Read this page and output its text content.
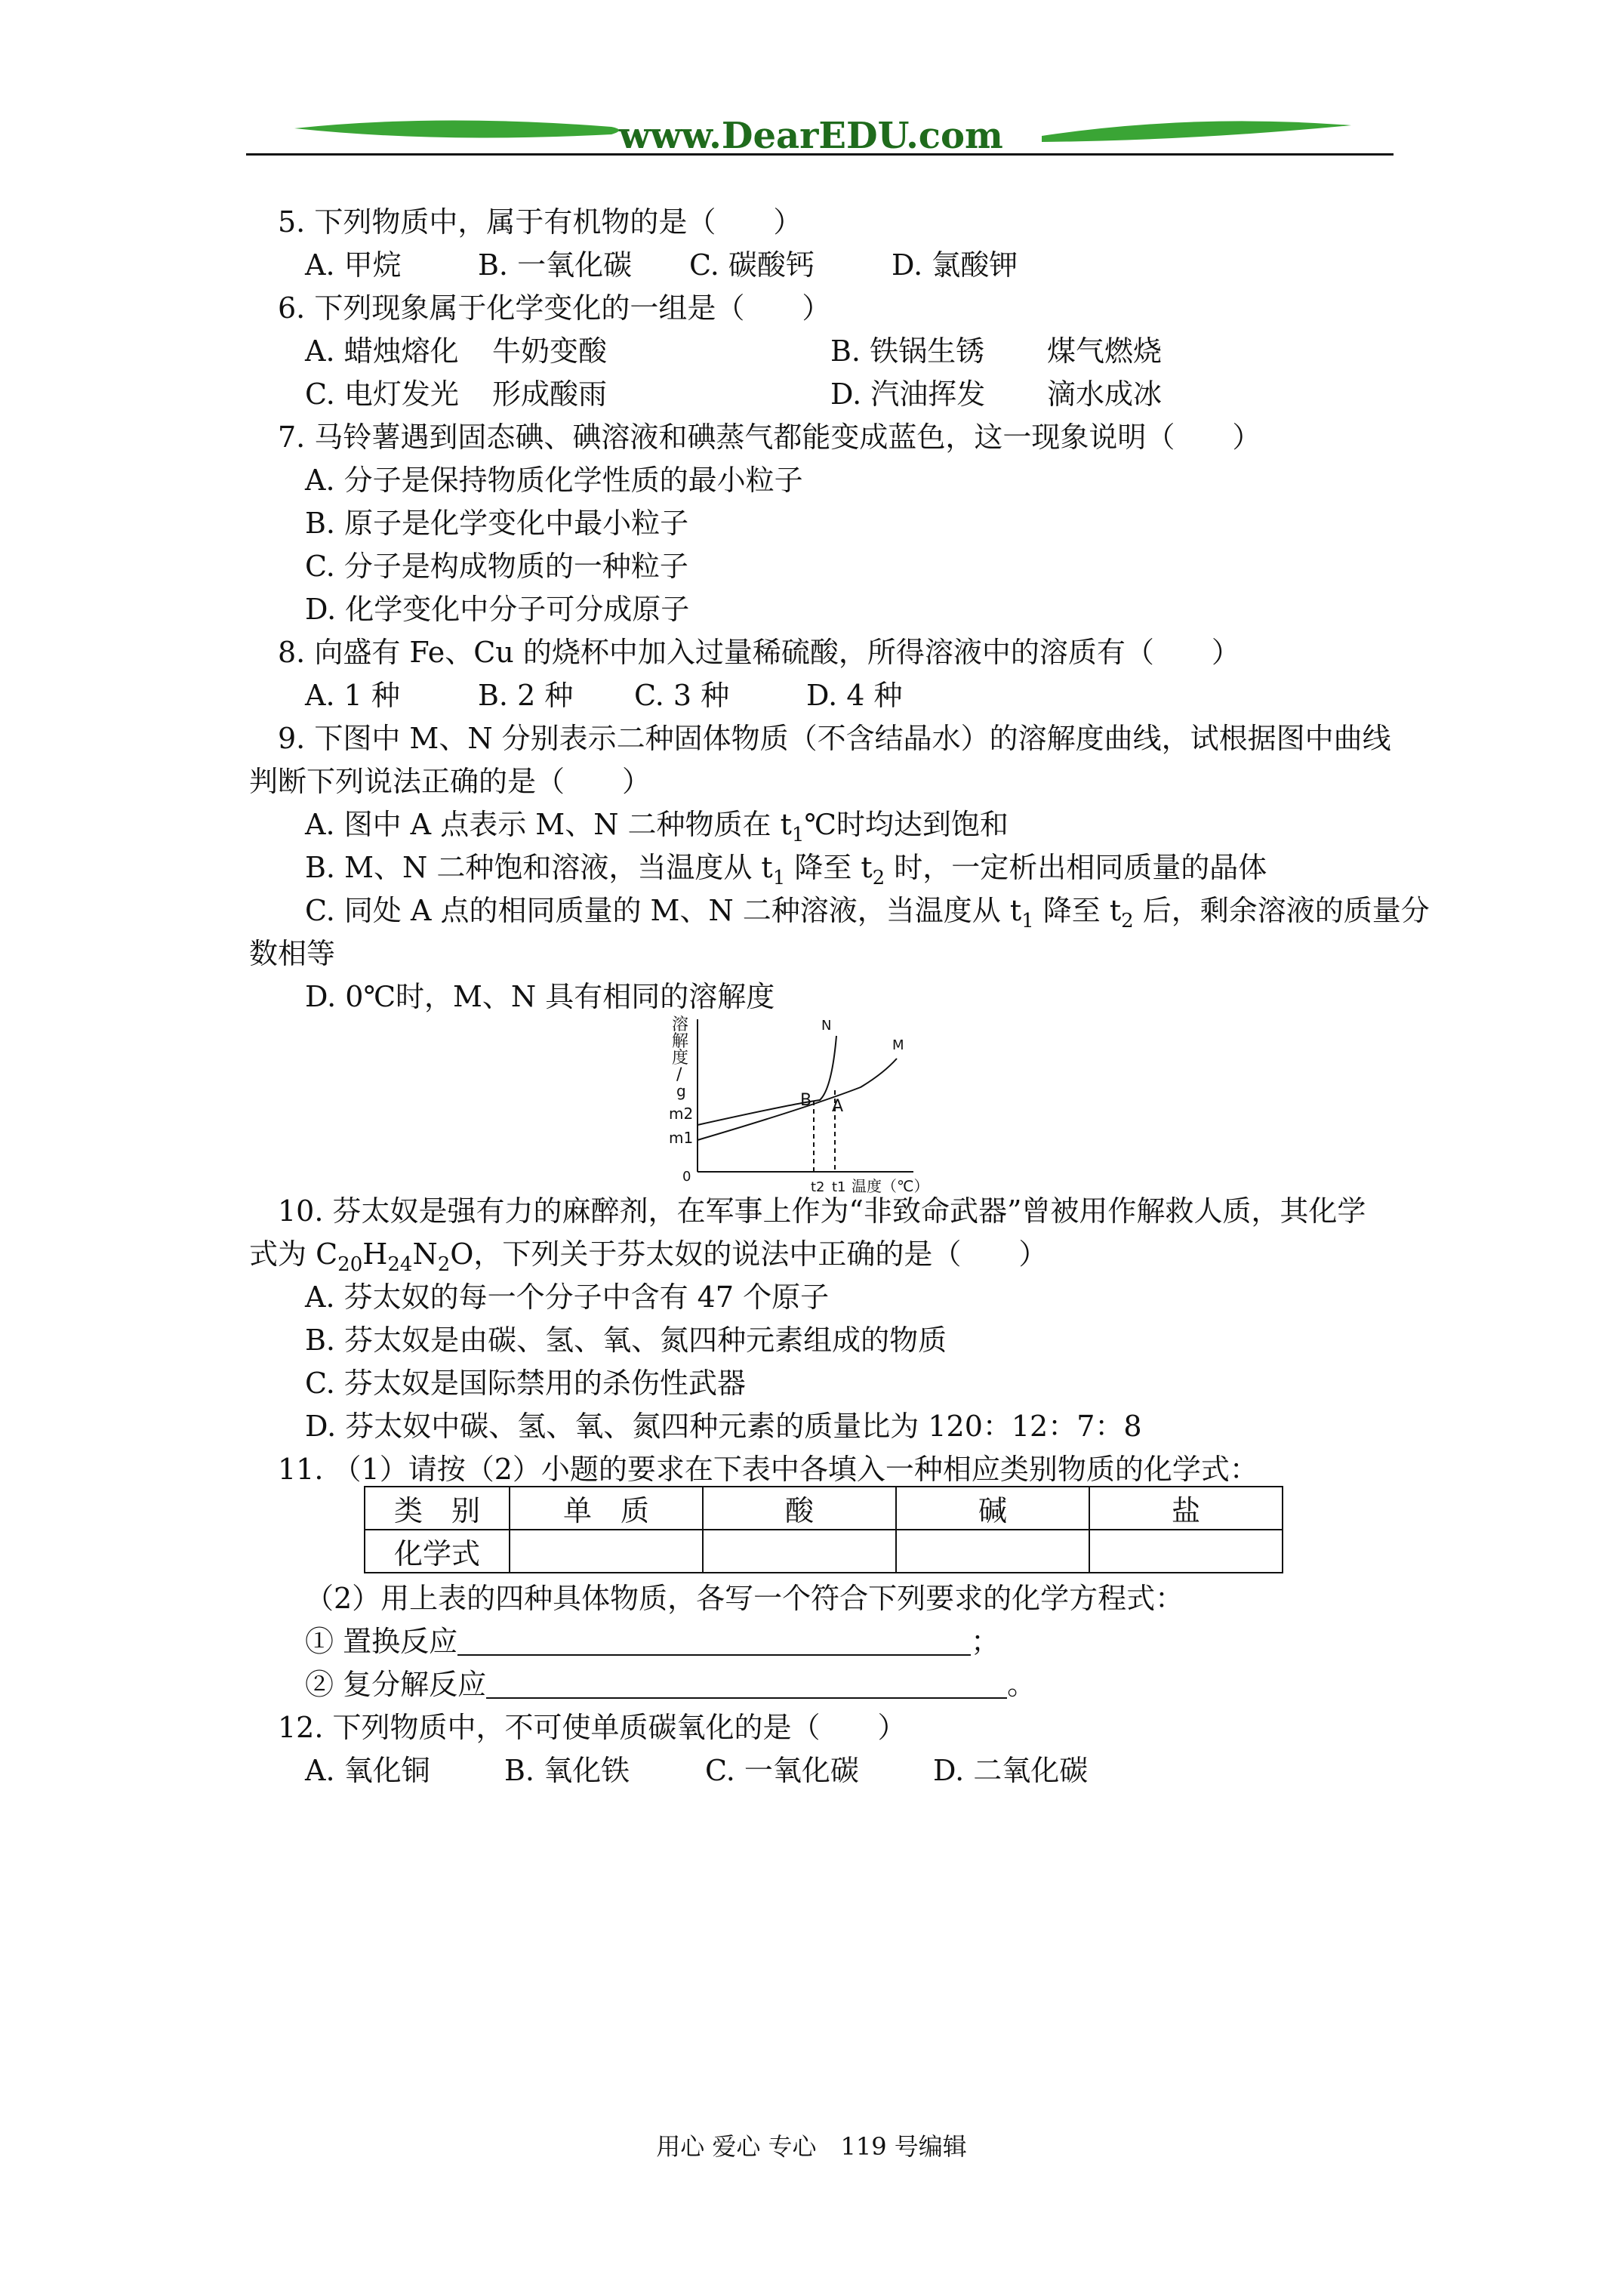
www.DearEDU.com
5. 下列物质中，属于有机物的是（　　）
A. 甲烷	B. 一氧化碳 C. 碳酸钙	D. 氯酸钾
6. 下列现象属于化学变化的一组是（　　）
A. 蜡烛熔化 牛奶变酸	B. 铁锅生锈 煤气燃烧
C. 电灯发光 形成酸雨	D. 汽油挥发 滴水成冰
7. 马铃薯遇到固态碘、碘溶液和碘蒸气都能变成蓝色，这一现象说明（　　）
A. 分子是保持物质化学性质的最小粒子
B. 原子是化学变化中最小粒子
C. 分子是构成物质的一种粒子
D. 化学变化中分子可分成原子
8. 向盛有 Fe、Cu 的烧杯中加入过量稀硫酸，所得溶液中的溶质有（　　）
A. 1 种	B. 2 种 C. 3 种	D. 4 种
9. 下图中 M、N 分别表示二种固体物质（不含结晶水）的溶解度曲线，试根据图中曲线
判断下列说法正确的是（　　）
A. 图中 A 点表示 M、N 二种物质在 $t_1℃$时均达到饱和
B. M、N 二种饱和溶液，当温度从 $t_1$ 降至 $t_2$ 时，一定析出相同质量的晶体
C. 同处 A 点的相同质量的 M、N 二种溶液，当温度从 $t_1$ 降至 $t_2$ 后，剩余溶液的质量分
数相等
D. 0℃时，M、N 具有相同的溶解度
溶
解
度
/
g
m2
m1
0
t2 t1 温度（℃）
N
M
B A
10. 芬太奴是强有力的麻醉剂，在军事上作为“非致命武器”曾被用作解救人质，其化学
式为 $C_{20}H_{24}N_2O$，下列关于芬太奴的说法中正确的是（　　）
A. 芬太奴的每一个分子中含有 47 个原子
B. 芬太奴是由碳、氢、氧、氮四种元素组成的物质
C. 芬太奴是国际禁用的杀伤性武器
D. 芬太奴中碳、氢、氧、氮四种元素的质量比为 120：12：7：8
11. （1）请按（2）小题的要求在下表中各填入一种相应类别物质的化学式：
类　别	单　质	酸	碱	盐
化学式				
（2）用上表的四种具体物质，各写一个符合下列要求的化学方程式：
① 置换反应	；
② 复分解反应	。
12. 下列物质中，不可使单质碳氧化的是（　　）
A. 氧化铜	B. 氧化铁	C. 一氧化碳	D. 二氧化碳
用心 爱心 专心　119 号编辑
